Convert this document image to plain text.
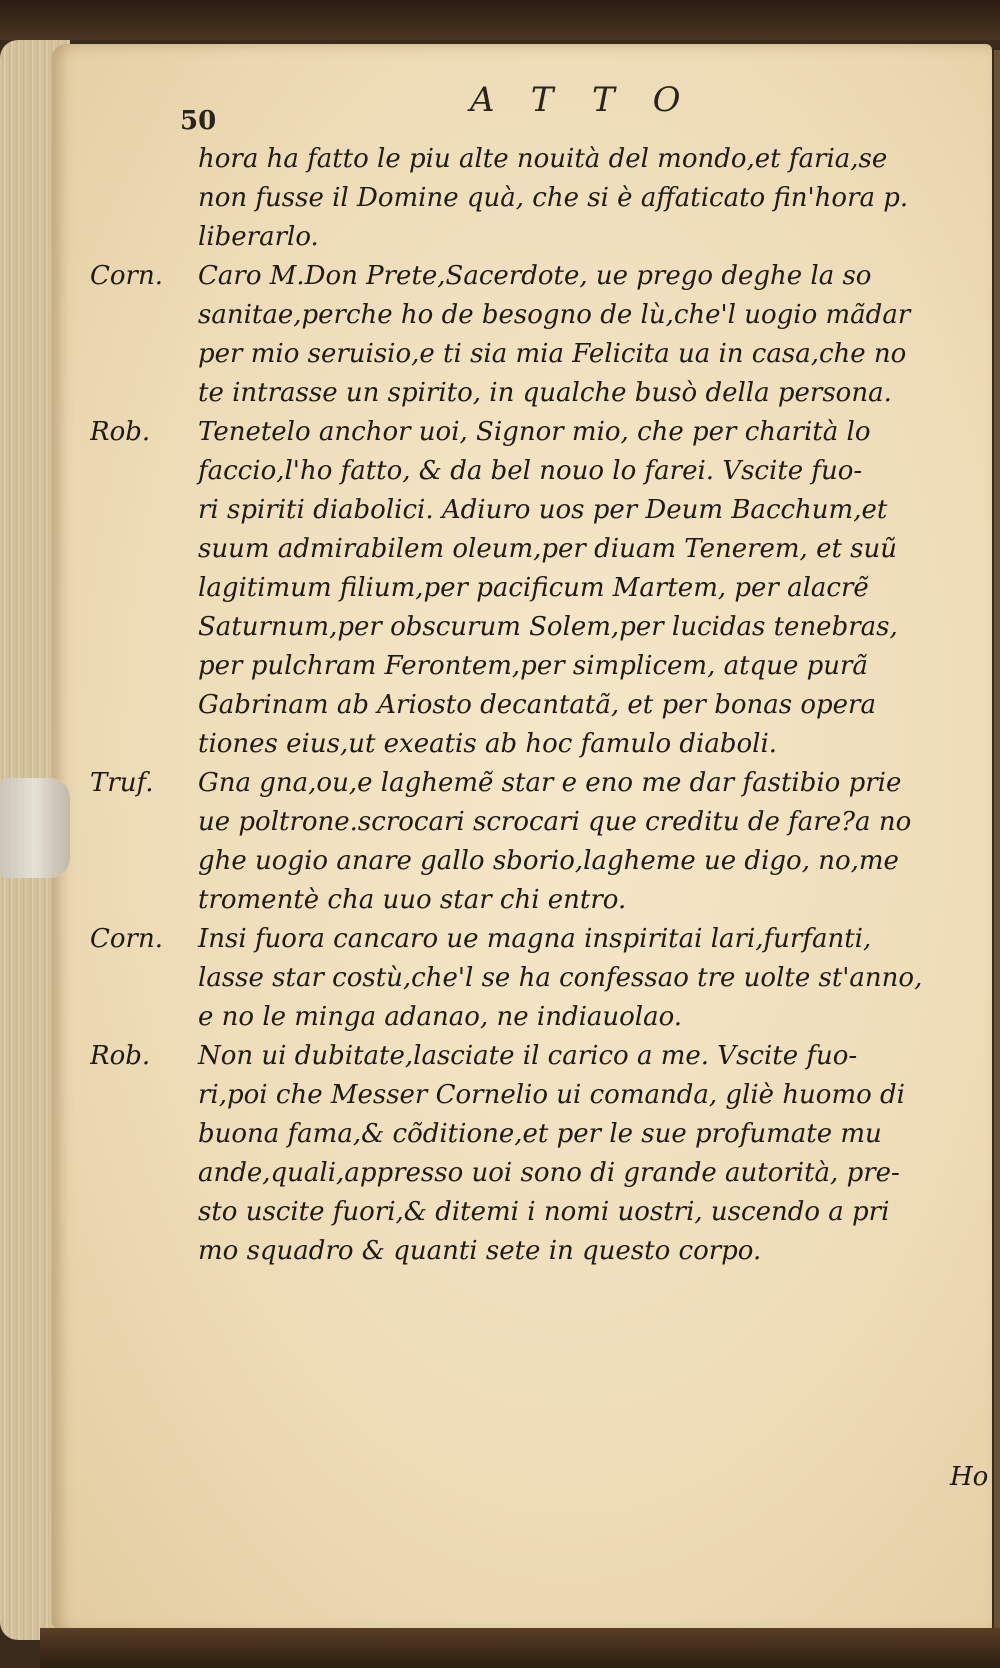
50
ATTO
hora ha fatto le piu alte nouità del mondo,et faria,se
non fusse il Domine quà, che si è affaticato fin'hora p.
liberarlo.
Corn.	Caro M.Don Prete,Sacerdote, ue prego deghe la so
sanitae,perche ho de besogno de lù,che'l uogio mãdar
per mio seruisio,e ti sia mia Felicita ua in casa,che no
te intrasse un spirito, in qualche busò della persona.
Rob.	Tenetelo anchor uoi, Signor mio, che per charità lo
faccio,l'ho fatto, & da bel nouo lo farei. Vscite fuo-
ri spiriti diabolici. Adiuro uos per Deum Bacchum,et
suum admirabilem oleum,per diuam Tenerem, et suũ
lagitimum filium,per pacificum Martem, per alacrẽ
Saturnum,per obscurum Solem,per lucidas tenebras,
per pulchram Ferontem,per simplicem, atque purã
Gabrinam ab Ariosto decantatã, et per bonas opera
tiones eius,ut exeatis ab hoc famulo diaboli.
Truf.	Gna gna,ou,e laghemẽ star e eno me dar fastibio prie
ue poltrone.scrocari scrocari que creditu de fare?a no
ghe uogio anare gallo sborio,lagheme ue digo, no,me
tromentè cha uuo star chi entro.
Corn.	Insi fuora cancaro ue magna inspiritai lari,furfanti,
lasse star costù,che'l se ha confessao tre uolte st'anno,
e no le minga adanao, ne indiauolao.
Rob.	Non ui dubitate,lasciate il carico a me. Vscite fuo-
ri,poi che Messer Cornelio ui comanda, gliè huomo di
buona fama,& cõditione,et per le sue profumate mu
ande,quali,appresso uoi sono di grande autorità, pre-
sto uscite fuori,& ditemi i nomi uostri, uscendo a pri
mo squadro & quanti sete in questo corpo.
Ho
